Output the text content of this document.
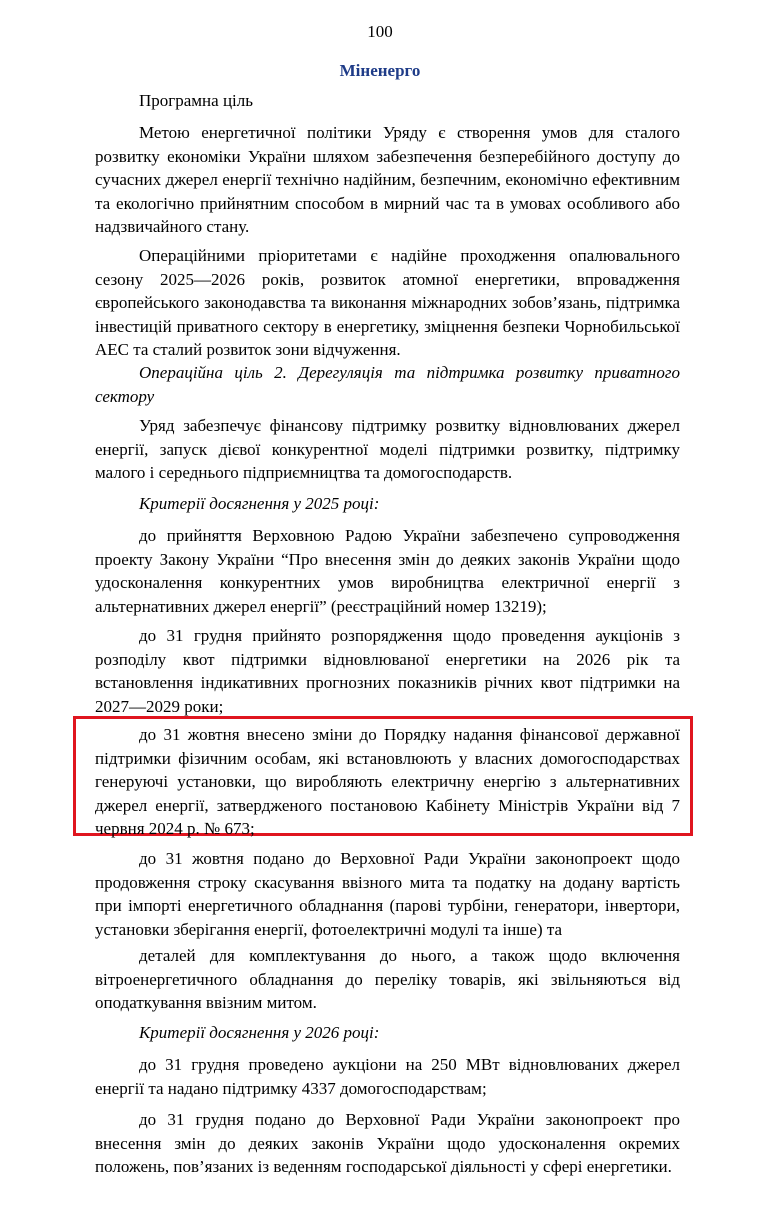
100
Міненерго
Програмна ціль
Метою енергетичної політики Уряду є створення умов для сталого розвитку економіки України шляхом забезпечення безперебійного доступу до сучасних джерел енергії технічно надійним, безпечним, економічно ефективним та екологічно прийнятним способом в мирний час та в умовах особливого або надзвичайного стану.
Операційними пріоритетами є надійне проходження опалювального сезону 2025—2026 років, розвиток атомної енергетики, впровадження європейського законодавства та виконання міжнародних зобов’язань, підтримка інвестицій приватного сектору в енергетику, зміцнення безпеки Чорнобильської АЕС та сталий розвиток зони відчуження.
Операційна ціль 2. Дерегуляція та підтримка розвитку приватного сектору
Уряд забезпечує фінансову підтримку розвитку відновлюваних джерел енергії, запуск дієвої конкурентної моделі підтримки розвитку, підтримку малого і середнього підприємництва та домогосподарств.
Критерії досягнення у 2025 році:
до прийняття Верховною Радою України забезпечено супроводження проекту Закону України “Про внесення змін до деяких законів України щодо удосконалення конкурентних умов виробництва електричної енергії з альтернативних джерел енергії” (реєстраційний номер 13219);
до 31 грудня прийнято розпорядження щодо проведення аукціонів з розподілу квот підтримки відновлюваної енергетики на 2026 рік та встановлення індикативних прогнозних показників річних квот підтримки на 2027—2029 роки;
до 31 жовтня внесено зміни до Порядку надання фінансової державної підтримки фізичним особам, які встановлюють у власних домогосподарствах генеруючі установки, що виробляють електричну енергію з альтернативних джерел енергії, затвердженого постановою Кабінету Міністрів України від 7 червня 2024 р. № 673;
до 31 жовтня подано до Верховної Ради України законопроект щодо продовження строку скасування ввізного мита та податку на додану вартість при імпорті енергетичного обладнання (парові турбіни, генератори, інвертори, установки зберігання енергії, фотоелектричні модулі та інше) та
деталей для комплектування до нього, а також щодо включення вітроенергетичного обладнання до переліку товарів, які звільняються від оподаткування ввізним митом.
Критерії досягнення у 2026 році:
до 31 грудня проведено аукціони на 250 МВт відновлюваних джерел енергії та надано підтримку 4337 домогосподарствам;
до 31 грудня подано до Верховної Ради України законопроект про внесення змін до деяких законів України щодо удосконалення окремих положень, пов’язаних із веденням господарської діяльності у сфері енергетики.
